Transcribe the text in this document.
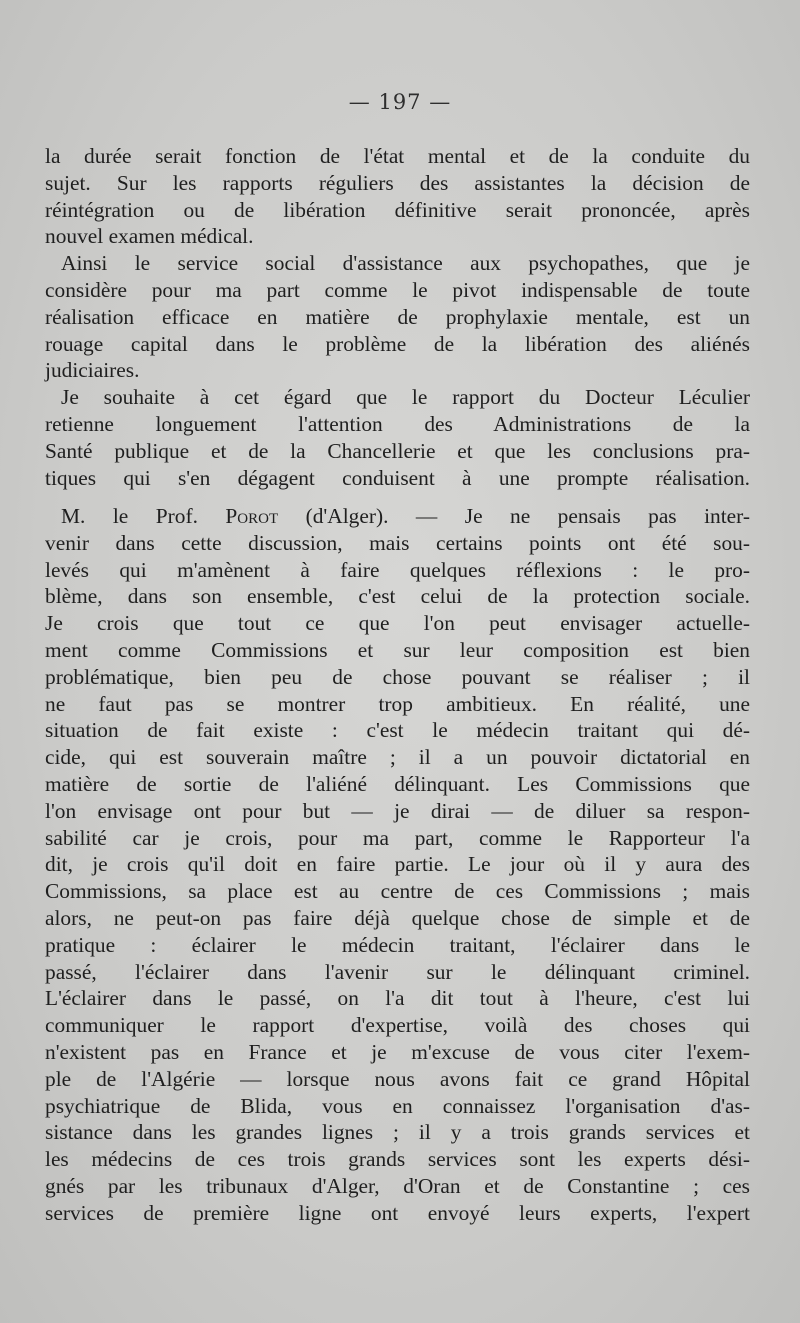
— 197 —
la durée serait fonction de l'état mental et de la conduite du
sujet. Sur les rapports réguliers des assistantes la décision de
réintégration ou de libération définitive serait prononcée, après
nouvel examen médical.
Ainsi le service social d'assistance aux psychopathes, que je
considère pour ma part comme le pivot indispensable de toute
réalisation efficace en matière de prophylaxie mentale, est un
rouage capital dans le problème de la libération des aliénés
judiciaires.
Je souhaite à cet égard que le rapport du Docteur Léculier
retienne longuement l'attention des Administrations de la
Santé publique et de la Chancellerie et que les conclusions pra-
tiques qui s'en dégagent conduisent à une prompte réalisation.
M. le Prof. Porot (d'Alger). — Je ne pensais pas inter-
venir dans cette discussion, mais certains points ont été sou-
levés qui m'amènent à faire quelques réflexions : le pro-
blème, dans son ensemble, c'est celui de la protection sociale.
Je crois que tout ce que l'on peut envisager actuelle-
ment comme Commissions et sur leur composition est bien
problématique, bien peu de chose pouvant se réaliser ; il
ne faut pas se montrer trop ambitieux. En réalité, une
situation de fait existe : c'est le médecin traitant qui dé-
cide, qui est souverain maître ; il a un pouvoir dictatorial en
matière de sortie de l'aliéné délinquant. Les Commissions que
l'on envisage ont pour but — je dirai — de diluer sa respon-
sabilité car je crois, pour ma part, comme le Rapporteur l'a
dit, je crois qu'il doit en faire partie. Le jour où il y aura des
Commissions, sa place est au centre de ces Commissions ; mais
alors, ne peut-on pas faire déjà quelque chose de simple et de
pratique : éclairer le médecin traitant, l'éclairer dans le
passé, l'éclairer dans l'avenir sur le délinquant criminel.
L'éclairer dans le passé, on l'a dit tout à l'heure, c'est lui
communiquer le rapport d'expertise, voilà des choses qui
n'existent pas en France et je m'excuse de vous citer l'exem-
ple de l'Algérie — lorsque nous avons fait ce grand Hôpital
psychiatrique de Blida, vous en connaissez l'organisation d'as-
sistance dans les grandes lignes ; il y a trois grands services et
les médecins de ces trois grands services sont les experts dési-
gnés par les tribunaux d'Alger, d'Oran et de Constantine ; ces
services de première ligne ont envoyé leurs experts, l'expert
